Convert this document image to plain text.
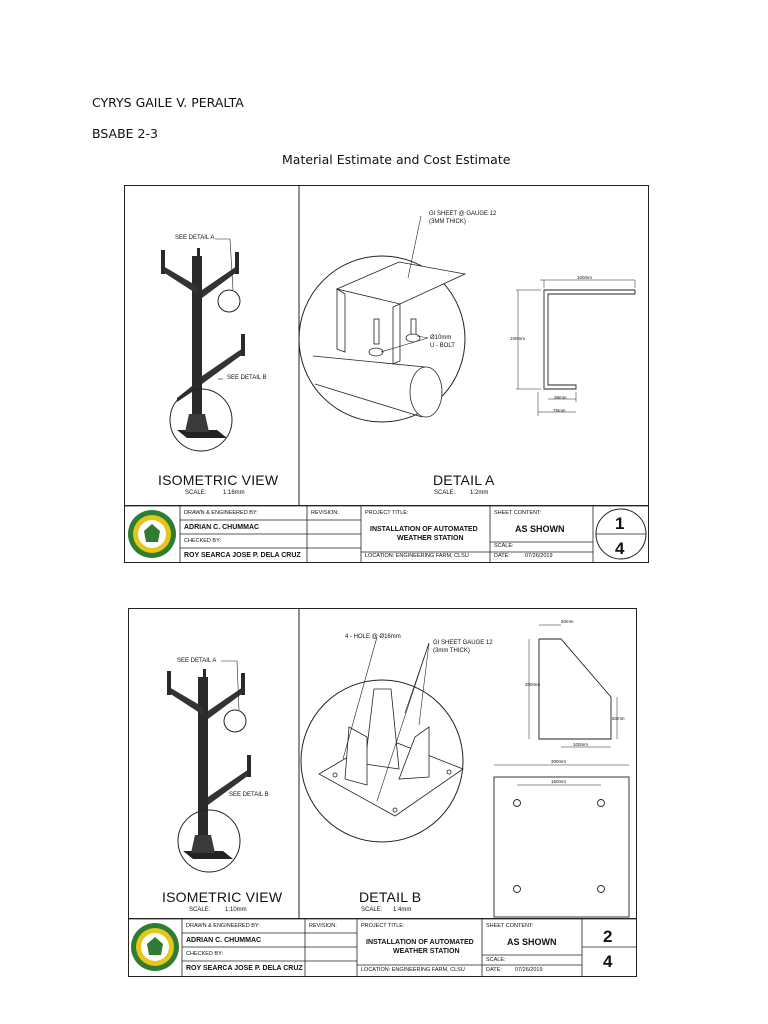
CYRYS GAILE V. PERALTA
BSABE 2-3
Material Estimate and Cost Estimate
SEE DETAIL A
SEE DETAIL B
GI SHEET @ GAUGE 12
(3MM THICK)
Ø10mm
U - BOLT
100mm
100mm
38mm
75mm
ISOMETRIC VIEW
SCALE:	1:16mm
DETAIL A
SCALE: 1:2mm
DRAWN & ENGINEERED BY:
ADRIAN C. CHUMMAC
CHECKED BY:
ROY SEARCA JOSE P. DELA CRUZ
REVISION:	PROJECT TITLE:
INSTALLATION OF AUTOMATED
WEATHER STATION
LOCATION: ENGINEERING FARM, CLSU
SHEET CONTENT:
AS SHOWN
SCALE:
DATE:	07/26/2019
1
4
SEE DETAIL A
SEE DETAIL B
4 - HOLE @ Ø16mm
GI SHEET GAUGE 12
(3mm THICK)
50mm
200mm
50mm
100mm
300mm
150mm
ISOMETRIC VIEW
SCALE: 1:10mm
DETAIL B
SCALE: 1:4mm
DRAWN & ENGINEERED BY:
ADRIAN C. CHUMMAC
CHECKED BY:
ROY SEARCA JOSE P. DELA CRUZ
REVISION:	PROJECT TITLE:
INSTALLATION OF AUTOMATED
WEATHER STATION
LOCATION: ENGINEERING FARM, CLSU
SHEET CONTENT:
AS SHOWN
SCALE:
DATE: 07/26/2019
2
4
